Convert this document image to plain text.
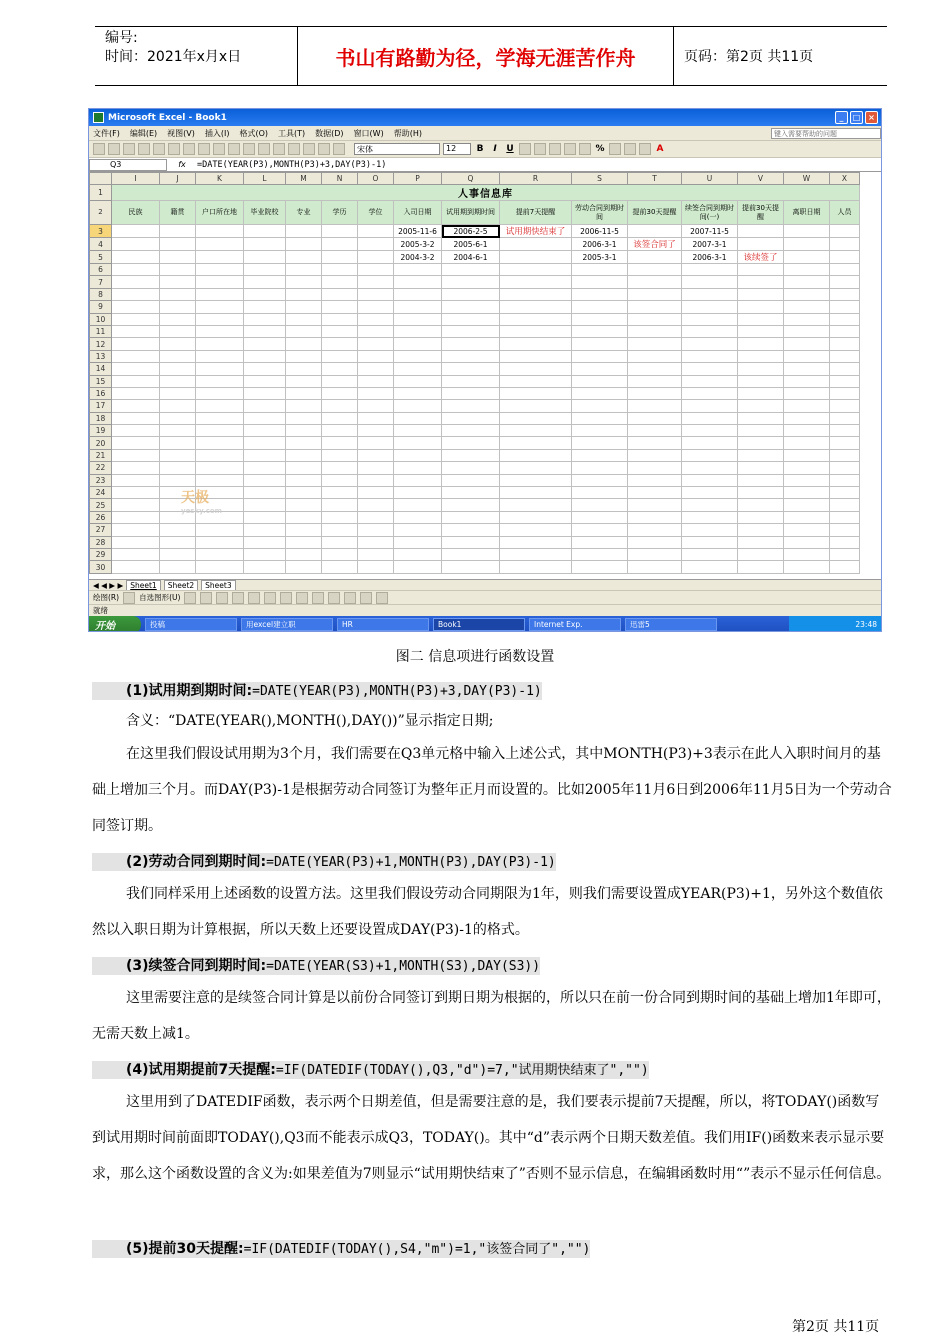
编号:
时间：2021年x月x日	书山有路勤为径，学海无涯苦作舟	页码：第2页 共11页
Microsoft Excel - Book1	_	□ ×
文件(F) 编辑(E) 视图(V) 插入(I) 格式(O) 工具(T) 数据(D) 窗口(W) 帮助(H)	键入需要帮助的问题
宋体	12	B	I	U	%	A
Q3	fx	=DATE(YEAR(P3),MONTH(P3)+3,DAY(P3)-1)
	I	J	K	L	M	N	O	P	Q	R	S	T	U	V	W	X
1	人事信息库															
2	民族	籍贯	户口所在地	毕业院校	专业	学历	学位	入司日期	试用期到期时间	提前7天提醒	劳动合同到期时间	提前30天提醒	续签合同到期时间(一)	提前30天提醒	离职日期	人员
3								2005-11-6	2006-2-5	试用期快结束了	2006-11-5		2007-11-5			
4								2005-3-2	2005-6-1		2006-3-1	该签合同了	2007-3-1			
5								2004-3-2	2004-6-1		2005-3-1		2006-3-1	该续签了		
6																
7																
8																
9																
10																
11																
12																
13																
14																
15																
16																
17																
18																
19																
20																
21																
22																
23																
24																
25																
26																
27																
28																
29																
30																
天极
yesky.com
◀ ◀ ▶ ▶ Sheet1	Sheet2	Sheet3
绘图(R)	自选图形(U)
就绪
开始	投稿	用excel建立职	HR	Book1	Internet Exp.	迅雷5	23:48
图二 信息项进行函数设置
(1)试用期到期时间:=DATE(YEAR(P3),MONTH(P3)+3,DAY(P3)-1)
含义：“DATE(YEAR(),MONTH(),DAY())”显示指定日期;
在这里我们假设试用期为3个月，我们需要在Q3单元格中输入上述公式，其中MONTH(P3)+3表示在此人入职时间月的基础上增加三个月。而DAY(P3)-1是根据劳动合同签订为整年正月而设置的。比如2005年11月6日到2006年11月5日为一个劳动合同签订期。
(2)劳动合同到期时间:=DATE(YEAR(P3)+1,MONTH(P3),DAY(P3)-1)
我们同样采用上述函数的设置方法。这里我们假设劳动合同期限为1年，则我们需要设置成YEAR(P3)+1，另外这个数值依然以入职日期为计算根据，所以天数上还要设置成DAY(P3)-1的格式。
(3)续签合同到期时间:=DATE(YEAR(S3)+1,MONTH(S3),DAY(S3))
这里需要注意的是续签合同计算是以前份合同签订到期日期为根据的，所以只在前一份合同到期时间的基础上增加1年即可，无需天数上减1。
(4)试用期提前7天提醒:=IF(DATEDIF(TODAY(),Q3,"d")=7,"试用期快结束了","")
这里用到了DATEDIF函数，表示两个日期差值，但是需要注意的是，我们要表示提前7天提醒，所以，将TODAY()函数写到试用期时间前面即TODAY(),Q3而不能表示成Q3，TODAY()。其中“d”表示两个日期天数差值。我们用IF()函数来表示显示要求，那么这个函数设置的含义为:如果差值为7则显示“试用期快结束了”否则不显示信息，在编辑函数时用“”表示不显示任何信息。
(5)提前30天提醒:=IF(DATEDIF(TODAY(),S4,"m")=1,"该签合同了","")
第2页 共11页
